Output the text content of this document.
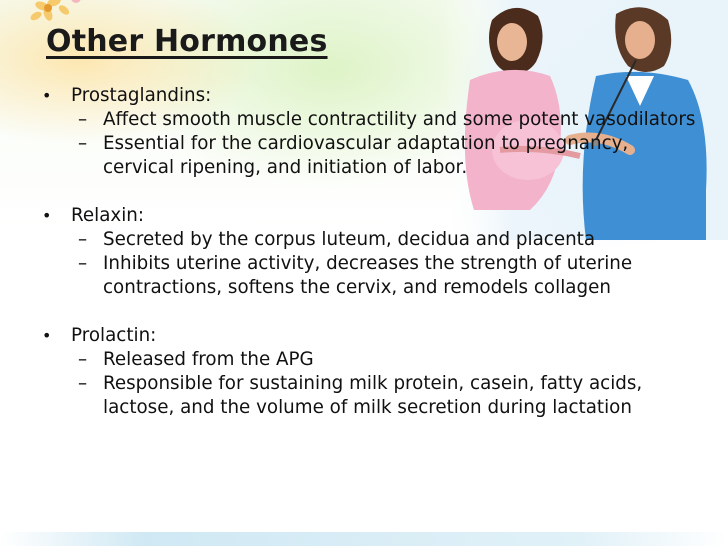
Other Hormones
• Prostaglandins:
– Affect smooth muscle contractility and some potent vasodilators
– Essential for the cardiovascular adaptation to pregnancy, cervical ripening, and initiation of labor.
• Relaxin:
– Secreted by the corpus luteum, decidua and placenta
– Inhibits uterine activity, decreases the strength of uterine contractions, softens the cervix, and remodels collagen
• Prolactin:
– Released from the APG
– Responsible for sustaining milk protein, casein, fatty acids, lactose, and the volume of milk secretion during lactation
